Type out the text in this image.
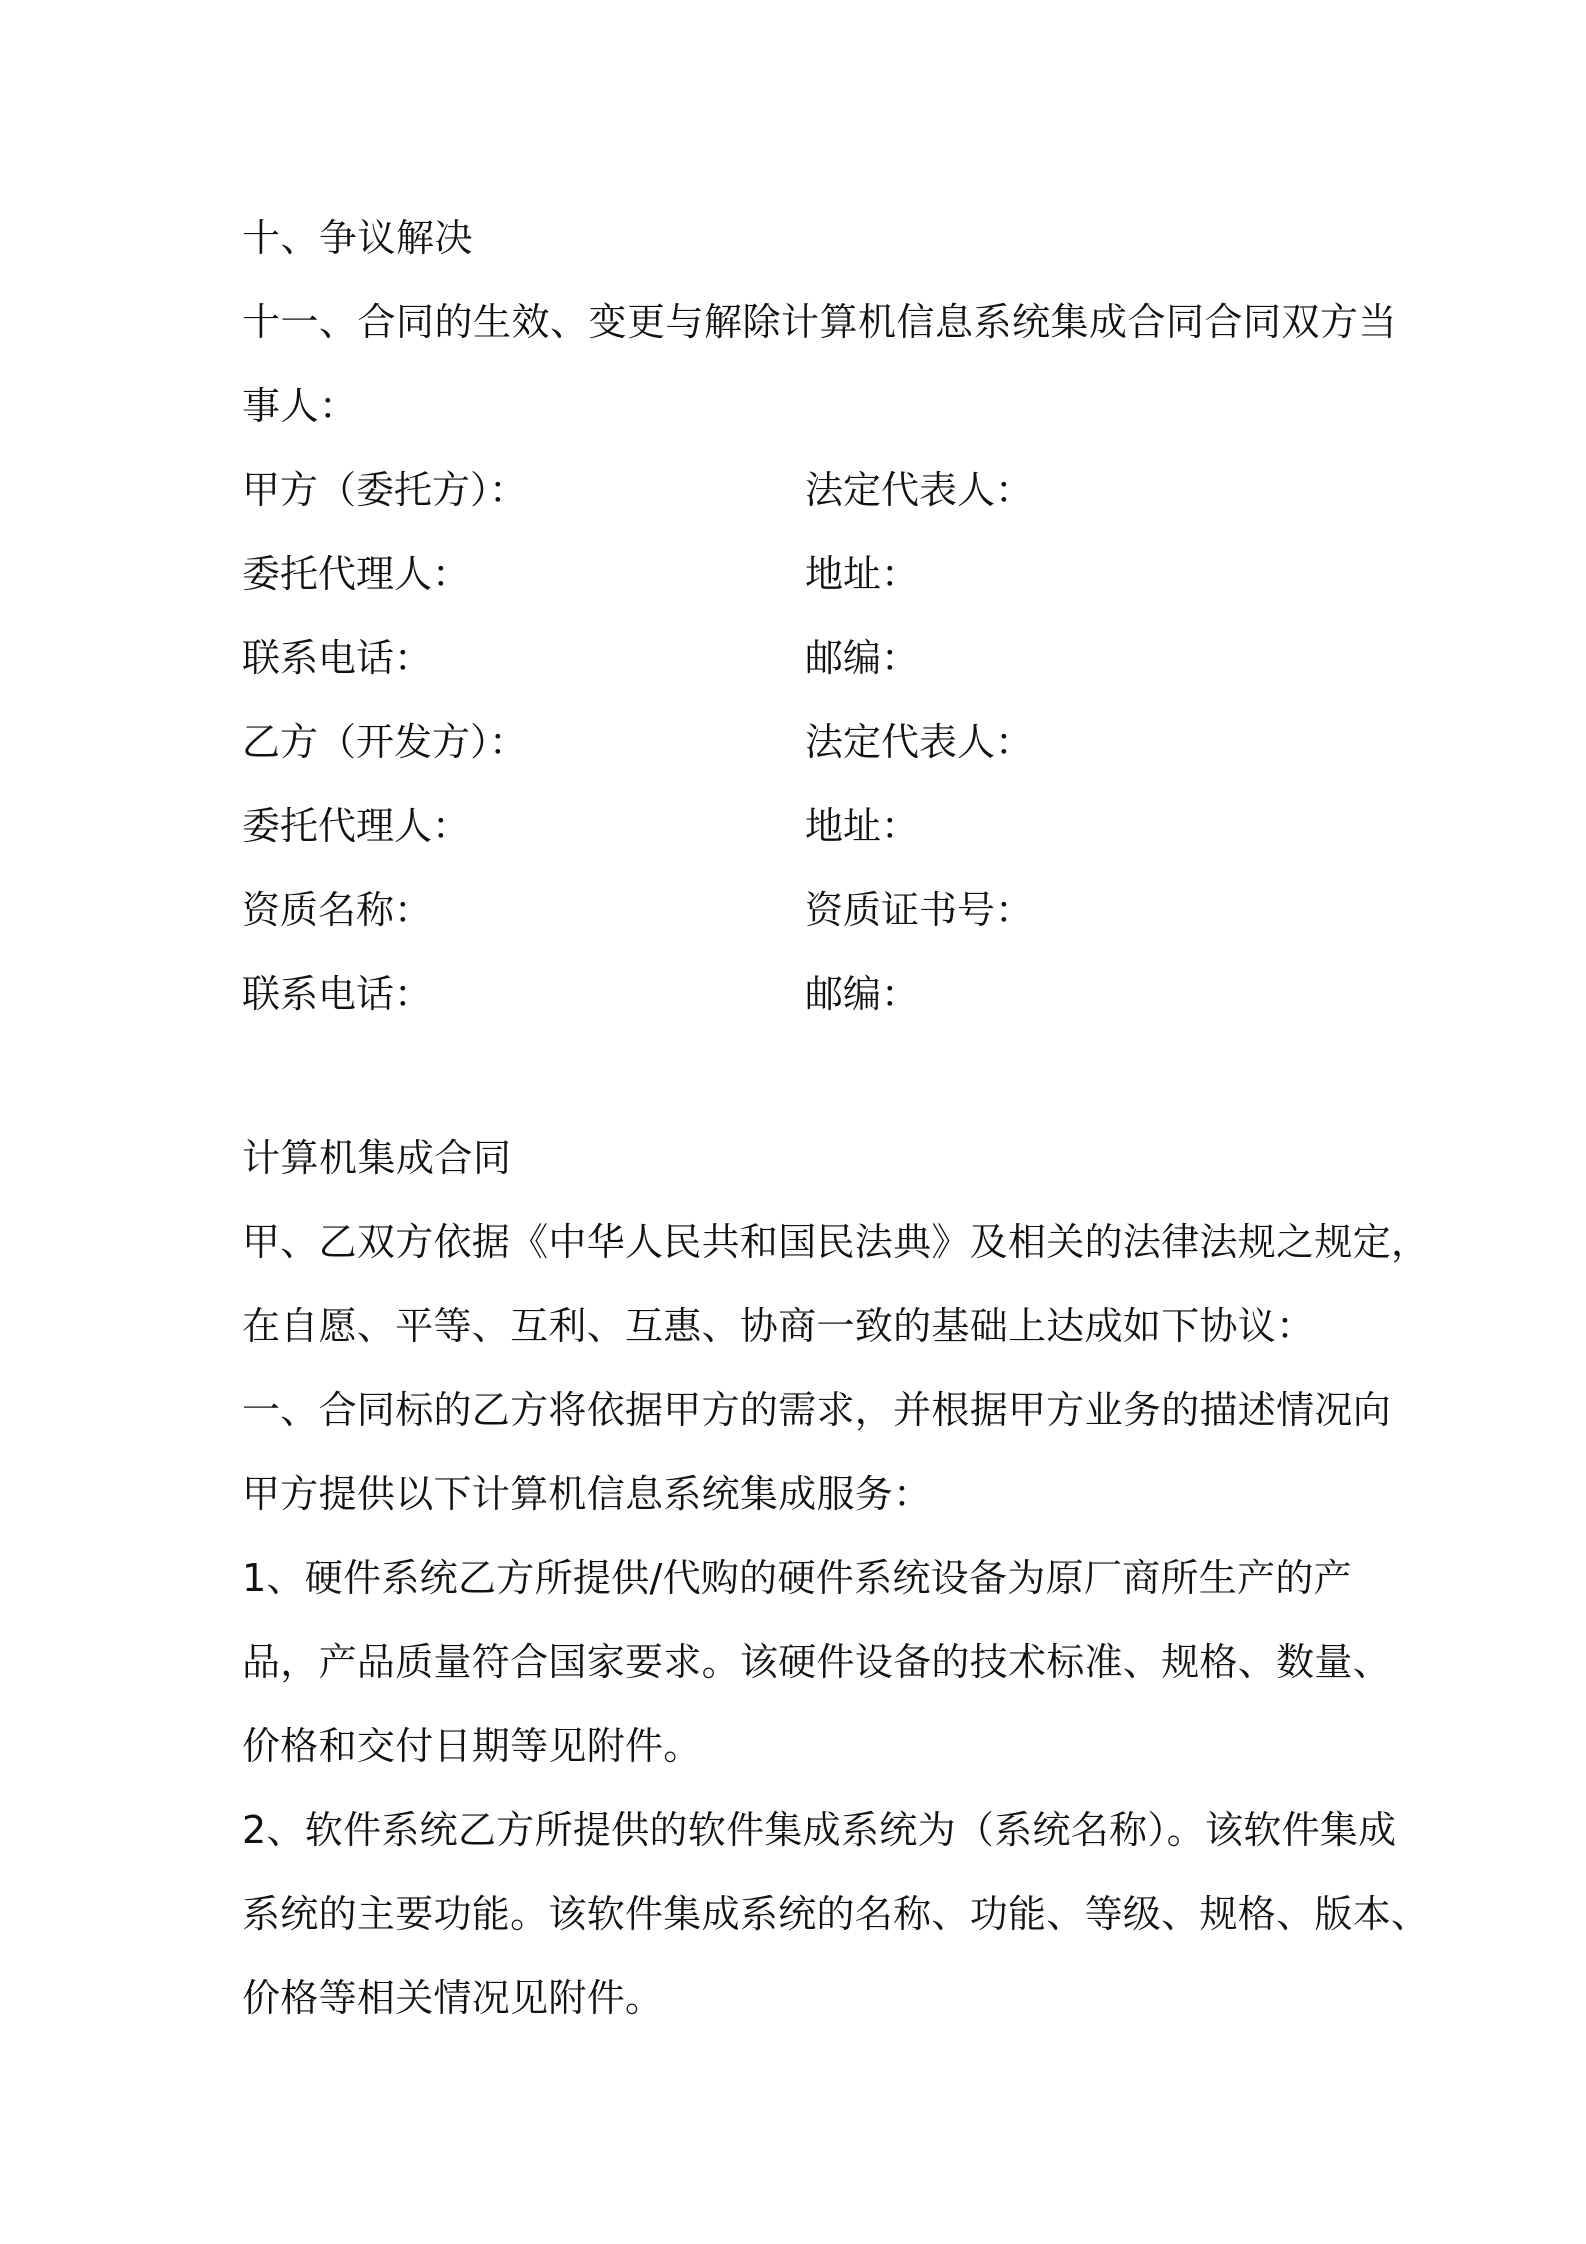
十、争议解决
十一、合同的生效、变更与解除计算机信息系统集成合同合同双方当
事人：
甲方（委托方）：	法定代表人：
委托代理人：	地址：
联系电话：	邮编：
乙方（开发方）：	法定代表人：
委托代理人：	地址：
资质名称：	资质证书号：
联系电话：	邮编：
计算机集成合同
甲、乙双方依据《中华人民共和国民法典》及相关的法律法规之规定，
在自愿、平等、互利、互惠、协商一致的基础上达成如下协议：
一、合同标的乙方将依据甲方的需求，并根据甲方业务的描述情况向
甲方提供以下计算机信息系统集成服务：
1、硬件系统乙方所提供/代购的硬件系统设备为原厂商所生产的产
品，产品质量符合国家要求。该硬件设备的技术标准、规格、数量、
价格和交付日期等见附件。
2、软件系统乙方所提供的软件集成系统为（系统名称）。该软件集成
系统的主要功能。该软件集成系统的名称、功能、等级、规格、版本、
价格等相关情况见附件。
